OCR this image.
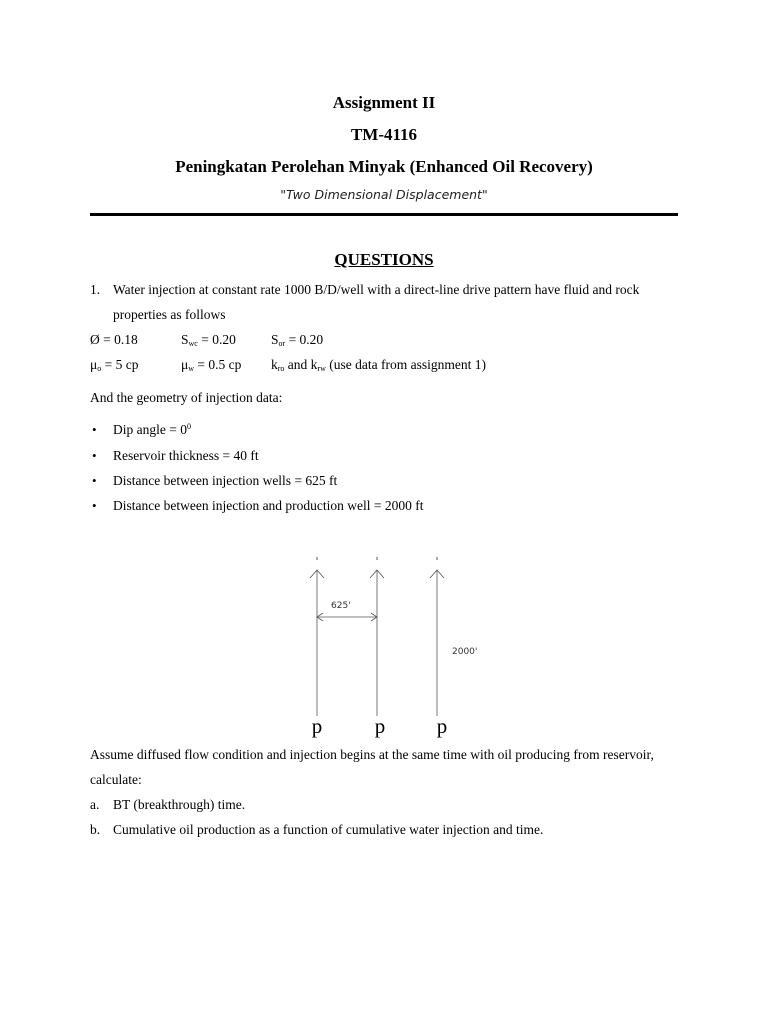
Assignment II
TM-4116
Peningkatan Perolehan Minyak (Enhanced Oil Recovery)
"Two Dimensional Displacement"
QUESTIONS
1. Water injection at constant rate 1000 B/D/well with a direct-line drive pattern have fluid and rock
properties as follows
Ø = 0.18	$S_{wc} = 0.20$	$S_{or} = 0.20$
$\mu_o = 5$ cp	$\mu_w = 0.5$ cp $k_{ro}$ and $k_{rw}$ (use data from assignment 1)
And the geometry of injection data:
• Dip angle = $0^0$
• Reservoir thickness = 40 ft
• Distance between injection wells = 625 ft
• Distance between injection and production well = 2000 ft
s	s	s
625'
2000'
p	p p
Assume diffused flow condition and injection begins at the same time with oil producing from reservoir,
calculate:
a. BT (breakthrough) time.
b. Cumulative oil production as a function of cumulative water injection and time.
